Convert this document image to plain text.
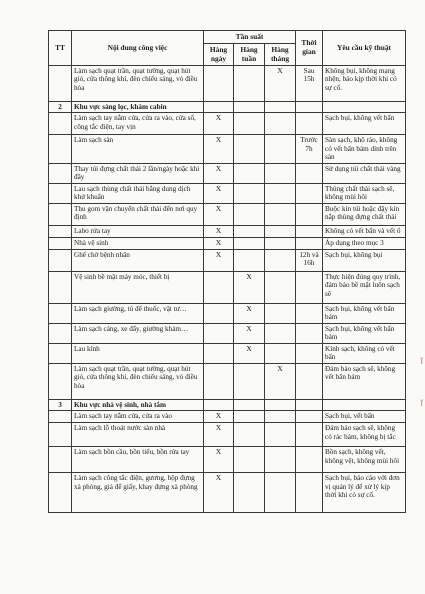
TT	Nội dung công việc	Tần suất			Thời gian	Yêu cầu kỹ thuật
		Hàng ngày	Hàng tuần	Hàng tháng		
	Làm sạch quạt trần, quạt tường, quạt hút gió, cửa thông khí, đèn chiếu sáng, vỏ điều hòa			X	Sau 15h	Không bụi, không mạng nhện, báo kịp thời khi có sự cố.
2	Khu vực sàng lọc, khám cabin					
	Làm sạch tay nắm cửa, cửa ra vào, cửa sổ, công tắc điện, tay vịn	X				Sạch bụi, không vết bẩn
	Làm sạch sàn	X			Trước 7h	Sàn sạch, khô ráo, không có vết bẩn bám dính trên sàn
	Thay túi đựng chất thải 2 lần/ngày hoặc khi đầy	X				Sử dụng túi chất thải vàng
	Lau sạch thùng chất thải bằng dung dịch khử khuẩn	X				Thùng chất thải sạch sẽ, không mùi hôi
	Thu gom vận chuyển chất thải đến nơi quy định	X				Buộc kín túi hoặc đậy kín nắp thùng đựng chất thải
	Labo rửa tay	X				Không có vết bẩn và vết ố
	Nhà vệ sinh	X				Áp dụng theo mục 3
	Ghế chờ bệnh nhân	X			12h và 16h	Sạch bụi, không bụi
	Vệ sinh bề mặt máy móc, thiết bị		X			Thực hiện đúng quy trình, đảm bảo bề mặt luôn sạch sẽ
	Làm sạch giường, tủ để thuốc, vật tư…		X			Sạch bụi, không vết bẩn bám
	Làm sạch cáng, xe đẩy, giường khám…		X			Sạch bụi, không vết bẩn bám
	Lau kính		X			Kính sạch, không có vết bẩn
	Làm sạch quạt trần, quạt tường, quạt hút gió, cửa thông khí, đèn chiếu sáng, vỏ điều hòa			X		Đảm bảo sạch sẽ, không vết bẩn bám
3	Khu vực nhà vệ sinh, nhà tắm					
	Làm sạch tay nắm cửa, cửa ra vào	X				Sạch bụi, vết bẩn
	Làm sạch lỗ thoát nước sàn nhà	X				Đảm bảo sạch sẽ, không có rác bám, không bị tắc
	Làm sạch bồn cầu, bồn tiểu, bồn rửa tay	X				Bồn sạch, không vết, không vệt, không mùi hôi
	Làm sạch công tắc điện, gương, hộp đựng xà phòng, giá để giấy, khay đựng xà phòng	X				Sạch bụi, báo cáo với đơn vị quản lý để xử lý kịp thời khi có sự cố.
ĭ
ĭ
